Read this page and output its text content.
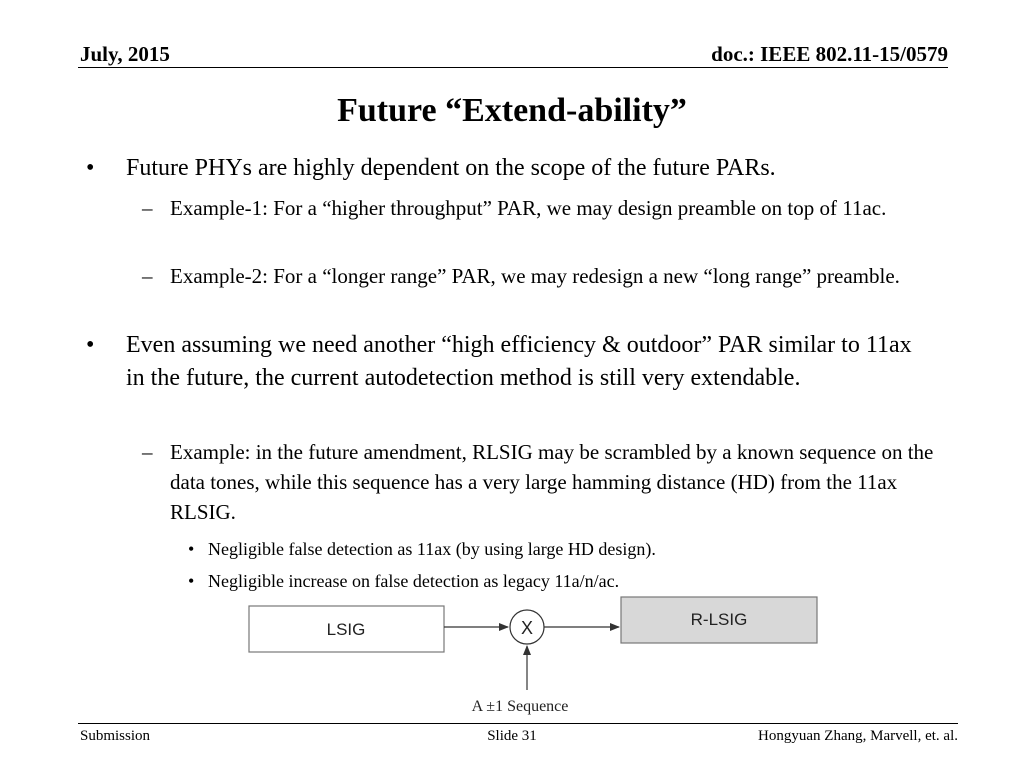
July, 2015	doc.: IEEE 802.11-15/0579
Future “Extend-ability”
• Future PHYs are highly dependent on the scope of the future PARs.
– Example-1: For a “higher throughput” PAR, we may design preamble on top of 11ac.
– Example-2: For a “longer range” PAR, we may redesign a new “long range” preamble.
• Even assuming we need another “high efficiency & outdoor” PAR similar to 11ax in the future, the current autodetection method is still very extendable.
– Example: in the future amendment, RLSIG may be scrambled by a known sequence on the data tones, while this sequence has a very large hamming distance (HD) from the 11ax RLSIG.
• Negligible false detection as 11ax (by using large HD design).
• Negligible increase on false detection as legacy 11a/n/ac.
LSIG	X	R-LSIG
A ±1 Sequence
Submission	Slide 31	Hongyuan Zhang, Marvell, et. al.
